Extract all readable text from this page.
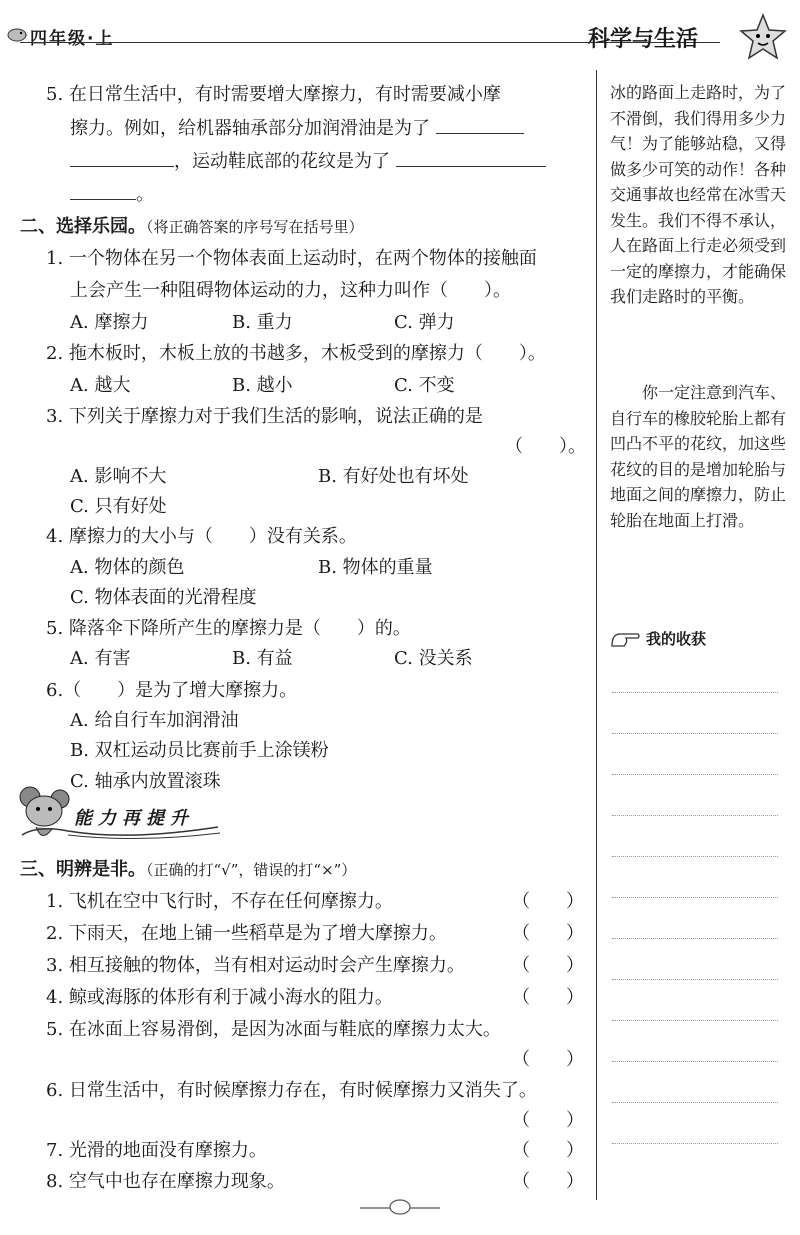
四年级·上	科学与生活
冰的路面上走路时，为了不滑倒，我们得用多少力气！为了能够站稳，又得做多少可笑的动作！各种交通事故也经常在冰雪天发生。我们不得不承认，人在路面上行走必须受到一定的摩擦力，才能确保我们走路时的平衡。
你一定注意到汽车、自行车的橡胶轮胎上都有凹凸不平的花纹，加这些花纹的目的是增加轮胎与地面之间的摩擦力，防止轮胎在地面上打滑。
我的收获
5. 在日常生活中，有时需要增大摩擦力，有时需要减小摩
擦力。例如，给机器轴承部分加润滑油是为了
，运动鞋底部的花纹是为了
。
二、选择乐园。（将正确答案的序号写在括号里）
1. 一个物体在另一个物体表面上运动时，在两个物体的接触面
上会产生一种阻碍物体运动的力，这种力叫作（　　）。
A. 摩擦力	B. 重力	C. 弹力
2. 拖木板时，木板上放的书越多，木板受到的摩擦力（　　）。
A. 越大	B. 越小	C. 不变
3. 下列关于摩擦力对于我们生活的影响，说法正确的是
（　　）。
A. 影响不大	B. 有好处也有坏处
C. 只有好处
4. 摩擦力的大小与（　　）没有关系。
A. 物体的颜色	B. 物体的重量
C. 物体表面的光滑程度
5. 降落伞下降所产生的摩擦力是（　　）的。
A. 有害	B. 有益	C. 没关系
6.（　　）是为了增大摩擦力。
A. 给自行车加润滑油
B. 双杠运动员比赛前手上涂镁粉
C. 轴承内放置滚珠
能力再提升
三、明辨是非。（正确的打“√”，错误的打“×”）
1. 飞机在空中飞行时，不存在任何摩擦力。	（　　）
2. 下雨天，在地上铺一些稻草是为了增大摩擦力。	（　　）
3. 相互接触的物体，当有相对运动时会产生摩擦力。	（　　）
4. 鲸或海豚的体形有利于减小海水的阻力。	（　　）
5. 在冰面上容易滑倒，是因为冰面与鞋底的摩擦力太大。
（　　）
6. 日常生活中，有时候摩擦力存在，有时候摩擦力又消失了。
（　　）
7. 光滑的地面没有摩擦力。	（　　）
8. 空气中也存在摩擦力现象。	（　　）
